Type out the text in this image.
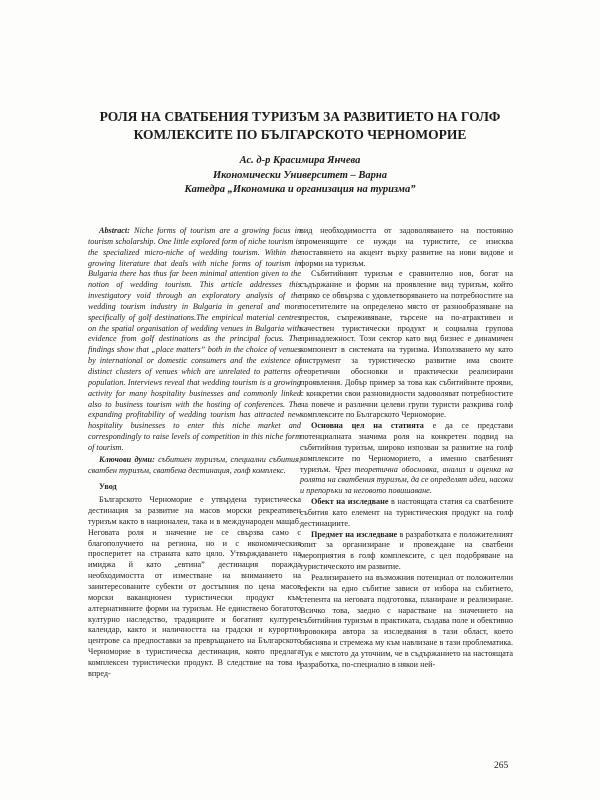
РОЛЯ НА СВАТБЕНИЯ ТУРИЗЪМ ЗА РАЗВИТИЕТО НА ГОЛФ
КОМЛЕКСИТЕ ПО БЪЛГАРСКОТО ЧЕРНОМОРИЕ
Ас. д-р Красимира Янчева
Икономически Университет – Варна
Катедра „Икономика и организация на туризма”

Abstract: Niche forms of tourism are a growing focus in tourism scholarship. One little explored form of niche tourism is the specialized micro-niche of wedding tourism. Within the growing literature that deals with niche forms of tourism in Bulgaria there has thus far been minimal attention given to the notion of wedding tourism. This article addresses this investigatory void through an exploratory analysis of the wedding tourism industry in Bulgaria in general and more specifically of golf destinations.The empirical material centres on the spatial organisation of wedding venues in Bulgaria with evidence from golf destinations as the principal focus. The findings show that „place matters” both in the choice of venues by international or domestic consumers and the existence of distinct clusters of venues which are unrelated to patterns of population. Interviews reveal that wedding tourism is a growing activity for many hospitality businesses and commonly linked also to business tourism with the hosting of conferences. The expanding profitability of wedding tourism has attracted new hospitality businesses to enter this niche market and correspondingly to raise levels of competition in this niche form of tourism.

Ключови думи: събитиен туризъм, специални събития, сватбен туризъм, сватбена дестинация, голф комплекс.

Увод

Българското Черноморие е утвърдена туристическа дестинация за развитие на масов морски рекреативен туризъм както в национален, така и в международен мащаб. Неговата роля и значение не се свързва само с благополучието на региона, но и с икономическия просперитет на страната като цяло. Утвърждаването на имиджа й като „евтина” дестинация поражда необходимостта от изместване на вниманието на заинтересованите субекти от достъпния по цена масов морски ваканционен туристически продукт към алтернативните форми на туризъм. Не единствено богатото културно наследство, традициите и богатият културен календар, както и наличността на градски и курортни центрове са предпоставки за превръщането на Българското Черноморие в туристическа дестинация, която предлага комплексен туристически продукт. В следствие на това и впред-

вид необходимостта от задоволяването на постоянно променящите се нужди на туристите, се изисква поставянето на акцент върху развитие на нови видове и форми на туризъм.

Събитийният туризъм е сравнително нов, богат на съдържание и форми на проявление вид туризъм, който пряко се обвързва с удовлетворяването на потребностите на посетителите на определено място от разнообразяване на престоя, съпреживяване, търсене на по-атрактивен и качествен туристически продукт и социална групова принадлежност. Този сектор като вид бизнес е динамичен компонент в системата на туризма. Използването му като инструмент за туристическо развитие има своите теоретични обосновки и практически реализирани проявления. Добър пример за това как събитийните прояви, с конкретни свои разновидности задоволяват потребностите на повече и различни целеви групи туристи разкрива голф комплексите по Българското Черноморие.

Основна цел на статията е да се представи потенциалната значима роля на конкретен подвид на събитийния туризъм, широко изпозван за развитие на голф комплексите по Черноморието, а именно сватбеният туризъм. Чрез теоретична обосновка, анализ и оценка на ролята на сватбения туризъм, да се определят идеи, насоки и препоръки за неговото повишаване.

Обект на изследване в настоящата статия са сватбените събития като елемент на туристическия продукт на голф дестинациите.

Предмет на изследване в разработката е положителният опит за организиране и провеждане на сватбени мероприятия в голф комплексите, с цел подобряване на туристическото им развитие.

Реализирането на възможния потенциал от положителни ефекти на едно събитие зависи от избора на събитието, степента на неговата подготовка, планиране и реализиране. Всичко това, заедно с нарастване на значението на събитийния туризъм в практиката, създава поле и обективно провокира автора за изследвания в тази област, което обяснява и стремежа му към навлизане в тази проблематика. Тук е мястото да уточним, че в съдържанието на настоящата разработка, по-специално в някои ней-

265
